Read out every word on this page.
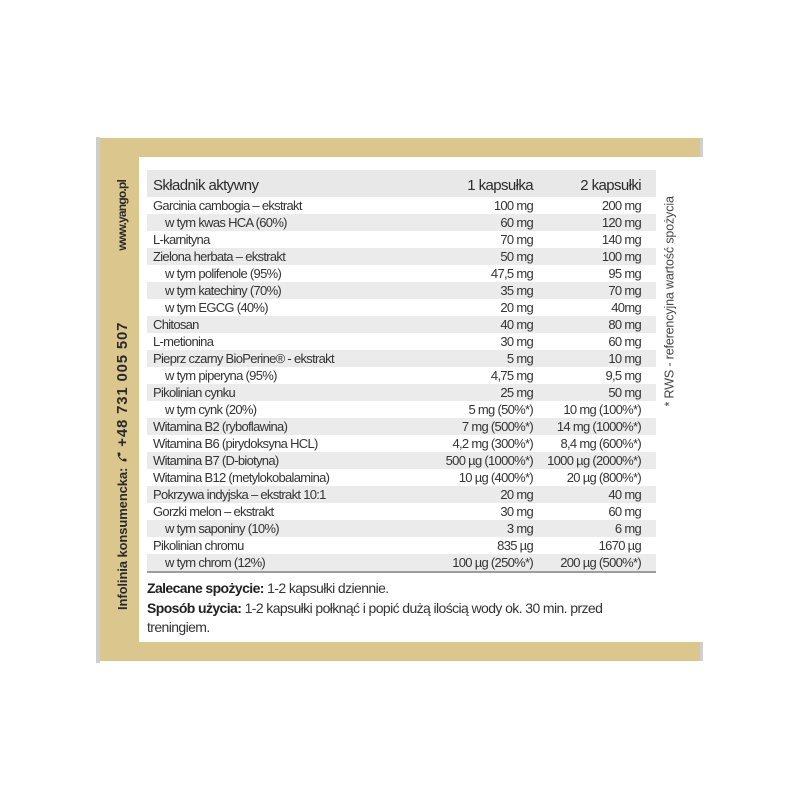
Infolinia konsumencka:
+48 731 005 507
www.yango.pl	* RWS - referencyjna wartość spożycia
Składnik aktywny	1 kapsułka	2 kapsułki
Garcinia cambogia – ekstrakt	100 mg	200 mg
w tym kwas HCA (60%)	60 mg	120 mg
L-karnityna	70 mg	140 mg
Zielona herbata – ekstrakt	50 mg	100 mg
w tym polifenole (95%)	47,5 mg	95 mg
w tym katechiny (70%)	35 mg	70 mg
w tym EGCG (40%)	20 mg	40mg
Chitosan	40 mg	80 mg
L-metionina	30 mg	60 mg
Pieprz czarny BioPerine® - ekstrakt	5 mg	10 mg
w tym piperyna (95%)	4,75 mg	9,5 mg
Pikolinian cynku	25 mg	50 mg
w tym cynk (20%)	5 mg (50%*)	10 mg (100%*)
Witamina B2 (ryboflawina)	7 mg (500%*)	14 mg (1000%*)
Witamina B6 (pirydoksyna HCL)	4,2 mg (300%*)	8,4 mg (600%*)
Witamina B7 (D-biotyna)	500 µg (1000%*)	1000 µg (2000%*)
Witamina B12 (metylokobalamina)	10 µg (400%*)	20 µg (800%*)
Pokrzywa indyjska – ekstrakt 10:1	20 mg	40 mg
Gorzki melon – ekstrakt	30 mg	60 mg
w tym saponiny (10%)	3 mg	6 mg
Pikolinian chromu	835 µg	1670 µg
w tym chrom (12%)	100 µg (250%*)	200 µg (500%*)
Zalecane spożycie: 1-2 kapsułki dziennie.
Sposób użycia: 1-2 kapsułki połknąć i popić dużą ilością wody ok. 30 min. przed treningiem.
